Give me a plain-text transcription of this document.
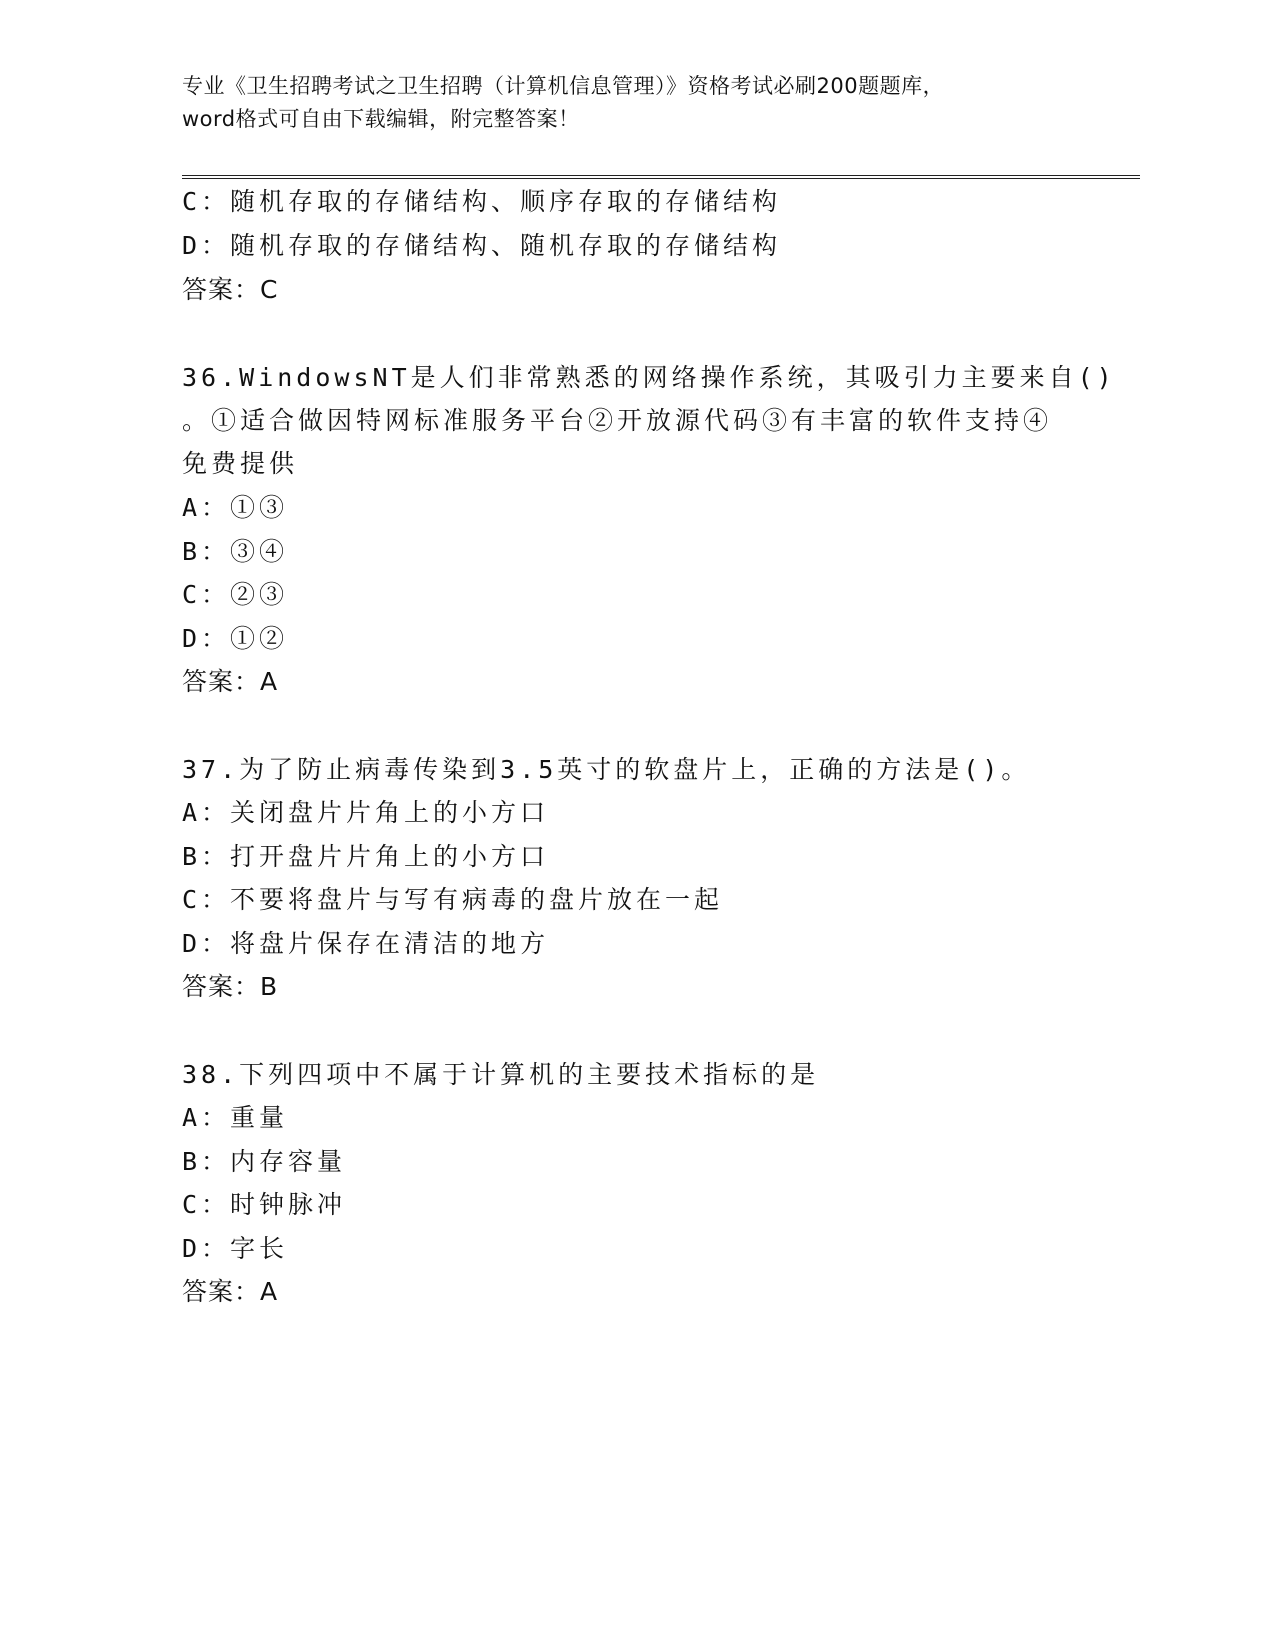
专业《卫生招聘考试之卫生招聘（计算机信息管理）》资格考试必刷200题题库，
word格式可自由下载编辑，附完整答案！
C：随机存取的存储结构、顺序存取的存储结构
D：随机存取的存储结构、随机存取的存储结构
答案：C
36.WindowsNT是人们非常熟悉的网络操作系统，其吸引力主要来自()
。①适合做因特网标准服务平台②开放源代码③有丰富的软件支持④
免费提供
A：①③
B：③④
C：②③
D：①②
答案：A
37.为了防止病毒传染到3.5英寸的软盘片上，正确的方法是()。
A：关闭盘片片角上的小方口
B：打开盘片片角上的小方口
C：不要将盘片与写有病毒的盘片放在一起
D：将盘片保存在清洁的地方
答案：B
38.下列四项中不属于计算机的主要技术指标的是
A：重量
B：内存容量
C：时钟脉冲
D：字长
答案：A
